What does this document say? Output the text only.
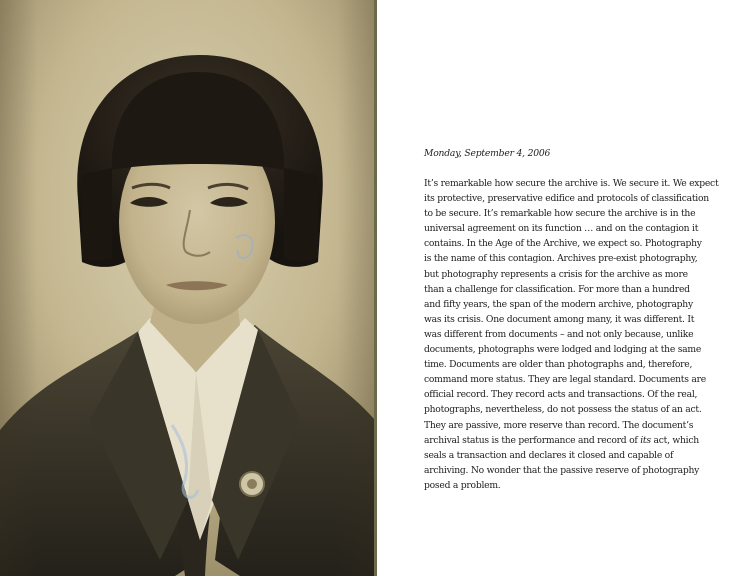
Monday, September 4, 2006
It’s remarkable how secure the archive is. We secure it. We expect
its protective, preservative edifice and protocols of classification
to be secure. It’s remarkable how secure the archive is in the
universal agreement on its function … and on the contagion it
contains. In the Age of the Archive, we expect so. Photography
is the name of this contagion. Archives pre-exist photography,
but photography represents a crisis for the archive as more
than a challenge for classification. For more than a hundred
and fifty years, the span of the modern archive, photography
was its crisis. One document among many, it was different. It
was different from documents – and not only because, unlike
documents, photographs were lodged and lodging at the same
time. Documents are older than photographs and, therefore,
command more status. They are legal standard. Documents are
official record. They record acts and transactions. Of the real,
photographs, nevertheless, do not possess the status of an act.
They are passive, more reserve than record. The document’s
archival status is the performance and record of its act, which
seals a transaction and declares it closed and capable of
archiving. No wonder that the passive reserve of photography
posed a problem.
